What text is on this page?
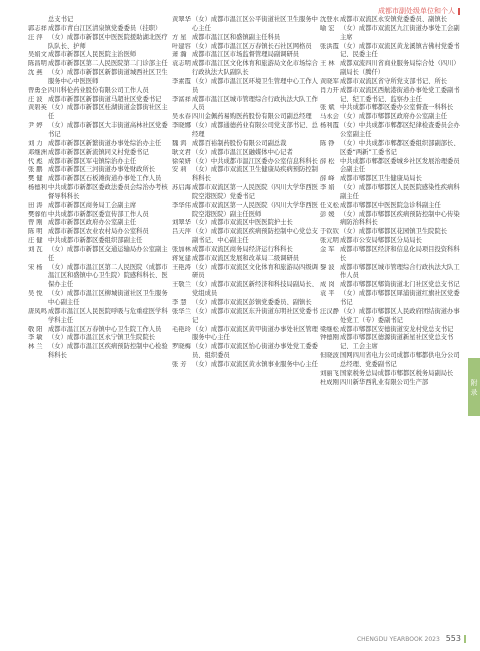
成都市副处级单位和个人
总支书记
郭志祥 成都市青白江区清泉镇党委委员（挂职）
汪 萍 （女）成都市新都区中医医院援助湖北医疗队队长、护师
吴娟文 成都市新都区人民医院主治医师
陈昌明 成都市新都区第二人民医院第二门诊部主任
沈 燕 （女）成都市新都区新都街道城西社区卫生服务中心中医医师
曾勇全 四川科伦药业股份有限公司工作人员
庄 波 成都市新都区新都街道马超社区党委书记
黄碧英 （女）成都市新都区桂湖街道金都街社区主任
尹 婷 （女）成都市新都区大丰街道高林社区党委书记
刘 力 成都市新都区新繁街道办事处综治办主任
邓继洲 成都市新都区新流镇同义村党委书记
代 彪 成都市新都区军屯镇综治办主任
张 鹏 成都市新都区三河街道办事处财政所长
樊 健 成都市新都区石板滩街道办事处工作人员
杨德利 中共成都市新都区委政法委员会综治办考核督导科科长
田 涛 成都市新都区商务局工会副主席
樊蓉佑 中共成都市新都区委宣传部工作人员
曾 刚 成都市新都区政府办公室副主任
陈 明 成都市新都区农业农村局办公室科员
庄 健 中共成都市新都区委组织部副主任
刘 瓦 （女）成都市新都区交通运输局办公室副主任
宋 杨 （女）成都市温江区第二人民医院（成都市温江区和盛镇中心卫生院）院感科科长、医保办主任
吴 悦 （女）成都市温江区柳城街道社区卫生服务中心副主任
唐凤鸣 成都市温江区人民医院呼吸与危重症医学科学科主任
敬 阳 成都市温江区万春镇中心卫生院工作人员
李 敏 （女）成都市温江区永宁镇卫生院院长
林 兰 （女）成都市温江区疾病预防控制中心检验科科长
黄翠华 （女）成都市温江区公平街道社区卫生服务中心主任
方 星 成都市温江区和盛镇副主任科员
叶建容 （女）成都市温江区万春镇长石社区网格员
萧 瀚 成都市温江区市场监督管理局副调研员
袁志明 成都市温江区文化体育和旅游局文化市场综合行政执法大队副队长
李素霞 （女）成都市温江区环境卫生管理中心工作人员
李富祥 成都市温江区城市管理综合行政执法大队工作人员
吴永春 四川金佩药易购医药股份有限公司副总经理
李晓娜 （女）成都通德药业有限公司党支部书记、总经理
魏 鸿 成都百裕制药股份有限公司副总裁
耿文君 （女）成都市温江区融媒体中心记者
徐荣妍 （女）中共成都市温江区委办公室信息科科长
安 莉 （女）成都市双流区卫生健康局疾病预防控制科科长
苏启海 成都市双流区第一人民医院（四川大学华西医院空港医院）党委书记
李华伟 成都市双流区第一人民医院（四川大学华西医院空港医院）副主任医师
刘翠华 （女）成都市双流区中医医院护士长
吕天萍 （女）成都市双流区疾病预防控制中心党总支副书记、中心副主任
张加林 成都市双流区商务局经济运行科科长
蒋复建 成都市双流区发展和改革局二级调研员
王艳涛 （女）成都市双流区文化体育和旅游局四级调研员
王敬兰 （女）成都市双流区新经济和科技局副局长、党组成员
李 慧 （女）成都市双流区彭镇党委委员、副镇长
张华兰 （女）成都市双流区东升街道东明社区党委书记
毛艳玲 （女）成都市双流区黄甲街道办事处社区管理服务中心主任
罗晓梅 （女）成都市双流区怡心街道办事处党工委委员、组织委员
张 芳 （女）成都市双流区黄水镇事业服务中心主任
沈登水 成都市双流区永安镇党委委员、副镇长
喻 宏 （女）成都市双流区九江街道办事处工会副主席
张洪霞 （女）成都市双流区黄龙溪镇古佛村党委书记、民委主任
王 林 成都双流四川省商业服务局综合处（四川）副局长（腾仟）
黄晓军 成都市双流区省守所党支部书记、所长
肖力开 成都市双流区西航港街道办事处党工委副书记、纪工委书记、监察办主任
张 斌 中共成都市郫都区委办公室督查一科科长
马永会 （女）成都市郫都区政府办公室副主任
杨利霞 （女）中共成都市郫都区纪律检查委员会办公室副主任
陈 铮 （女）中共成都市郫都区委组织部副部长、区委“两新”工委书记
薛 松 中共成都市郫都区委城乡社区发展治理委员会副主任
薛 峰 成都市郫都区卫生健康局局长
李 娟 （女）成都市郫都区人民医院感染性疾病科副主任
任义松 成都市郫都区中医医院急诊科副主任
彭 媛 （女）成都市郫都区疾病预防控制中心传染病防治科科长
于钦钦 （女）成都市郫都区花园镇卫生院院长
张元明 成都市公安局郫都区分局局长
金 军 成都市郫都区经济和信息化局项目投资科科长
黎 波 成都市郫都区城市管理综合行政执法大队工作人员
成 岗 成都市郫都区郫筒街道北门社区党总支书记
袁 平 （女）成都市郫都区犀浦街道红旗社区党委书记
汪汉静 （女）成都市郫都区人民政府团结街道办事处党工（专）委副书记
梁继松 成都市郫都区安德街道安龙村党总支书记
钟德刚 成都市郫都区德源街道新星社区党总支书记、工会主席
但晓波 国网四川省电力公司成都市郫都供电分公司总经理、党委副书记
刘丽飞 国家税务总局成都市郫都区税务局副局长
杜成刚 四川新华西乳业有限公司生产部	附 录
CHENGDU YEARBOOK 2023 553
